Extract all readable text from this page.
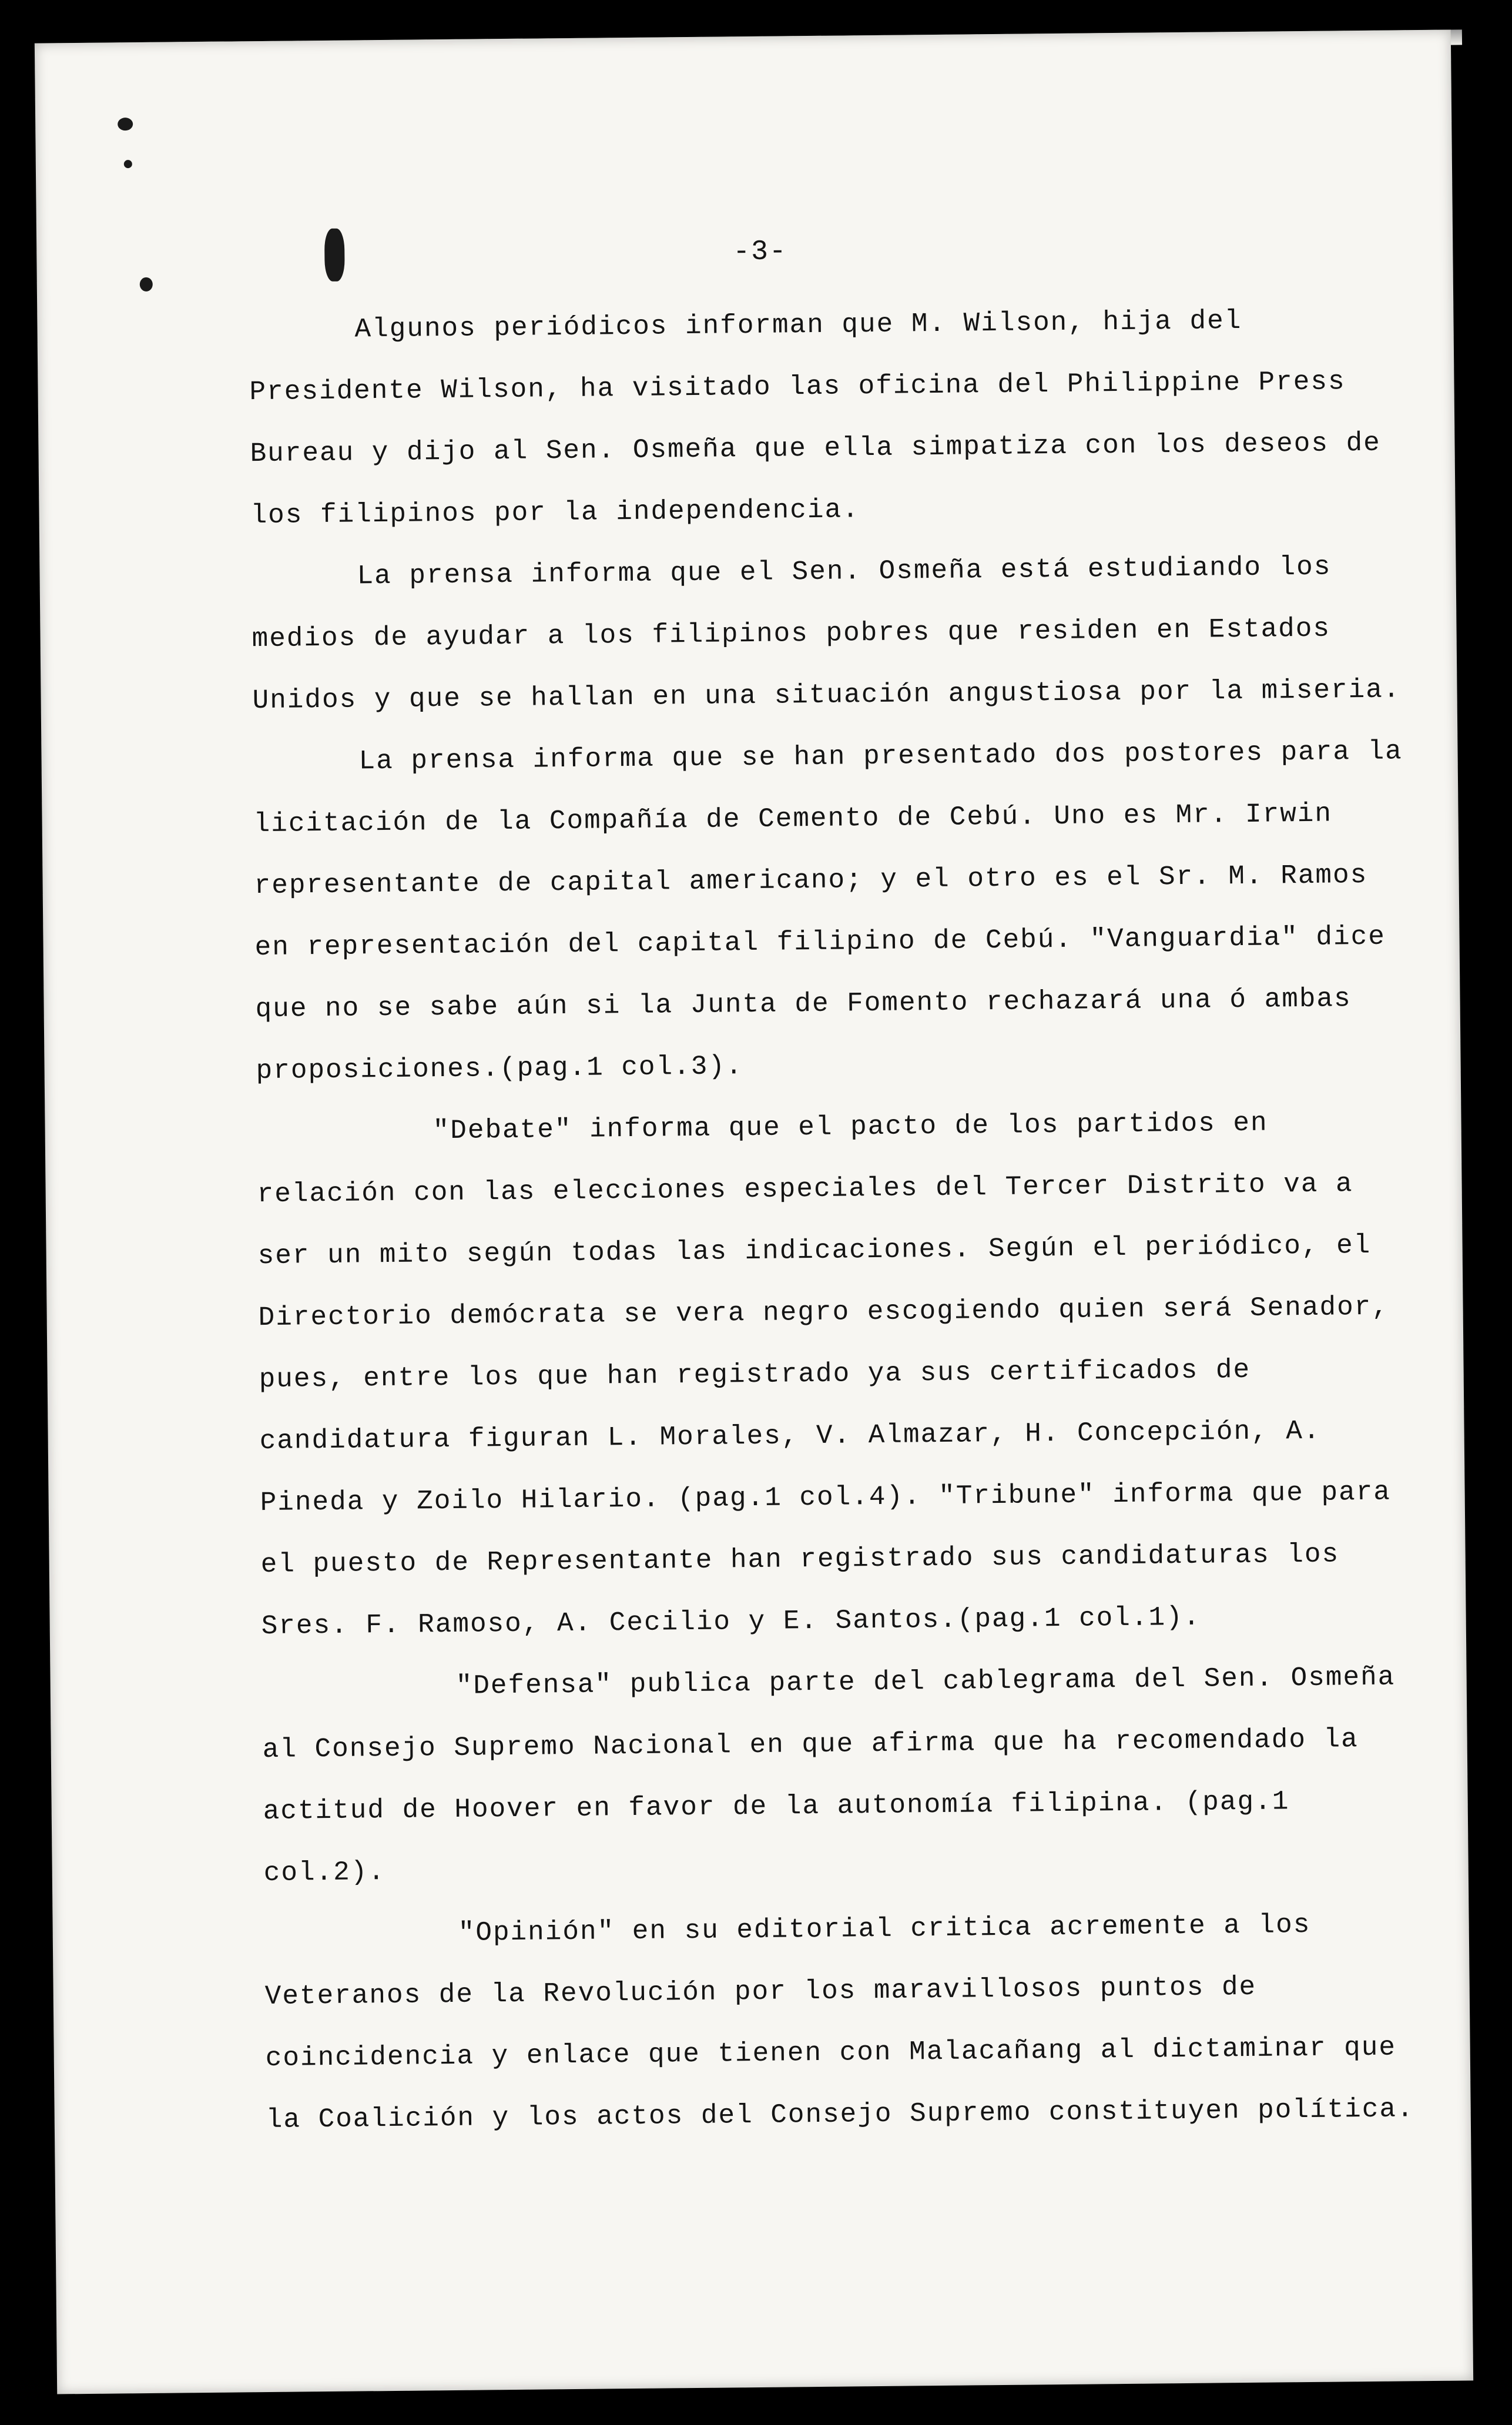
-3-

Algunos periódicos informan que M. Wilson, hija del Presidente Wilson, ha visitado las oficina del Philippine Press Bureau y dijo al Sen. Osmeña que ella simpatiza con los deseos de los filipinos por la independencia.

La prensa informa que el Sen. Osmeña está estudiando los medios de ayudar a los filipinos pobres que residen en Estados Unidos y que se hallan en una situación angustiosa por la miseria.

La prensa informa que se han presentado dos postores para la licitación de la Compañía de Cemento de Cebú. Uno es Mr. Irwin representante de capital americano; y el otro es el Sr. M. Ramos en representación del capital filipino de Cebú. "Vanguardia" dice que no se sabe aún si la Junta de Fomento rechazará una ó ambas proposiciones.(pag.1 col.3).

"Debate" informa que el pacto de los partidos en relación con las elecciones especiales del Tercer Distrito va a ser un mito según todas las indicaciones. Según el periódico, el Directorio demócrata se vera negro escogiendo quien será Senador, pues, entre los que han registrado ya sus certificados de candidatura figuran L. Morales, V. Almazar, H. Concepción, A. Pineda y Zoilo Hilario. (pag.1 col.4). "Tribune" informa que para el puesto de Representante han registrado sus candidaturas los Sres. F. Ramoso, A. Cecilio y E. Santos.(pag.1 col.1).

"Defensa" publica parte del cablegrama del Sen. Osmeña al Consejo Supremo Nacional en que afirma que ha recomendado la actitud de Hoover en favor de la autonomía filipina. (pag.1 col.2).

"Opinión" en su editorial critica acremente a los Veteranos de la Revolución por los maravillosos puntos de coincidencia y enlace que tienen con Malacañang al dictaminar que la Coalición y los actos del Consejo Supremo constituyen política.
